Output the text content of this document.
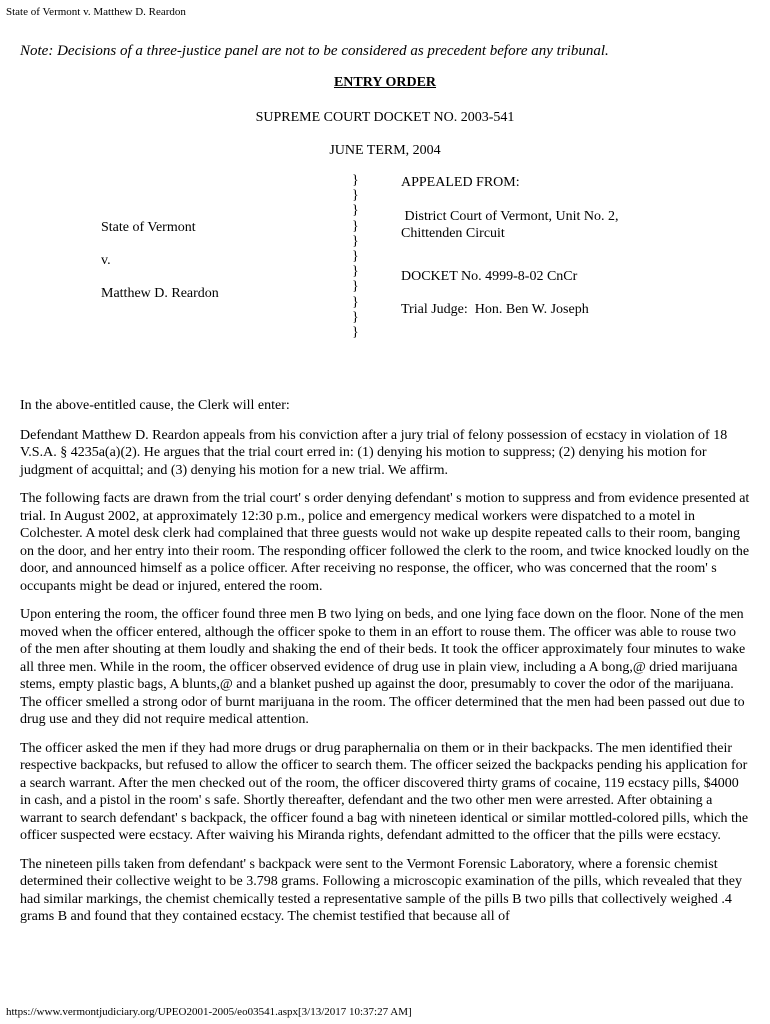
State of Vermont v. Matthew D. Reardon
Note: Decisions of a three-justice panel are not to be considered as precedent before any tribunal.
ENTRY ORDER
SUPREME COURT DOCKET NO. 2003-541
JUNE TERM, 2004
State of Vermont
v.
Matthew D. Reardon
}
}
}
}
}
}
}
}
}
}
}
APPEALED FROM:
District Court of Vermont, Unit No. 2,
Chittenden Circuit
DOCKET No. 4999-8-02 CnCr
Trial Judge:  Hon. Ben W. Joseph

In the above-entitled cause, the Clerk will enter:

Defendant Matthew D. Reardon appeals from his conviction after a jury trial of felony possession of ecstacy in violation of 18 V.S.A. § 4235a(a)(2). He argues that the trial court erred in: (1) denying his motion to suppress; (2) denying his motion for judgment of acquittal; and (3) denying his motion for a new trial. We affirm.

The following facts are drawn from the trial court' s order denying defendant' s motion to suppress and from evidence presented at trial. In August 2002, at approximately 12:30 p.m., police and emergency medical workers were dispatched to a motel in Colchester. A motel desk clerk had complained that three guests would not wake up despite repeated calls to their room, banging on the door, and her entry into their room. The responding officer followed the clerk to the room, and twice knocked loudly on the door, and announced himself as a police officer. After receiving no response, the officer, who was concerned that the room' s occupants might be dead or injured, entered the room.

Upon entering the room, the officer found three men B two lying on beds, and one lying face down on the floor. None of the men moved when the officer entered, although the officer spoke to them in an effort to rouse them. The officer was able to rouse two of the men after shouting at them loudly and shaking the end of their beds. It took the officer approximately four minutes to wake all three men. While in the room, the officer observed evidence of drug use in plain view, including a A bong,@ dried marijuana stems, empty plastic bags, A blunts,@ and a blanket pushed up against the door, presumably to cover the odor of the marijuana. The officer smelled a strong odor of burnt marijuana in the room. The officer determined that the men had been passed out due to drug use and they did not require medical attention.

The officer asked the men if they had more drugs or drug paraphernalia on them or in their backpacks. The men identified their respective backpacks, but refused to allow the officer to search them. The officer seized the backpacks pending his application for a search warrant. After the men checked out of the room, the officer discovered thirty grams of cocaine, 119 ecstacy pills, $4000 in cash, and a pistol in the room' s safe. Shortly thereafter, defendant and the two other men were arrested. After obtaining a warrant to search defendant' s backpack, the officer found a bag with nineteen identical or similar mottled-colored pills, which the officer suspected were ecstacy. After waiving his Miranda rights, defendant admitted to the officer that the pills were ecstacy.

The nineteen pills taken from defendant' s backpack were sent to the Vermont Forensic Laboratory, where a forensic chemist determined their collective weight to be 3.798 grams. Following a microscopic examination of the pills, which revealed that they had similar markings, the chemist chemically tested a representative sample of the pills B two pills that collectively weighed .4 grams B and found that they contained ecstacy. The chemist testified that because all of

https://www.vermontjudiciary.org/UPEO2001-2005/eo03541.aspx[3/13/2017 10:37:27 AM]
